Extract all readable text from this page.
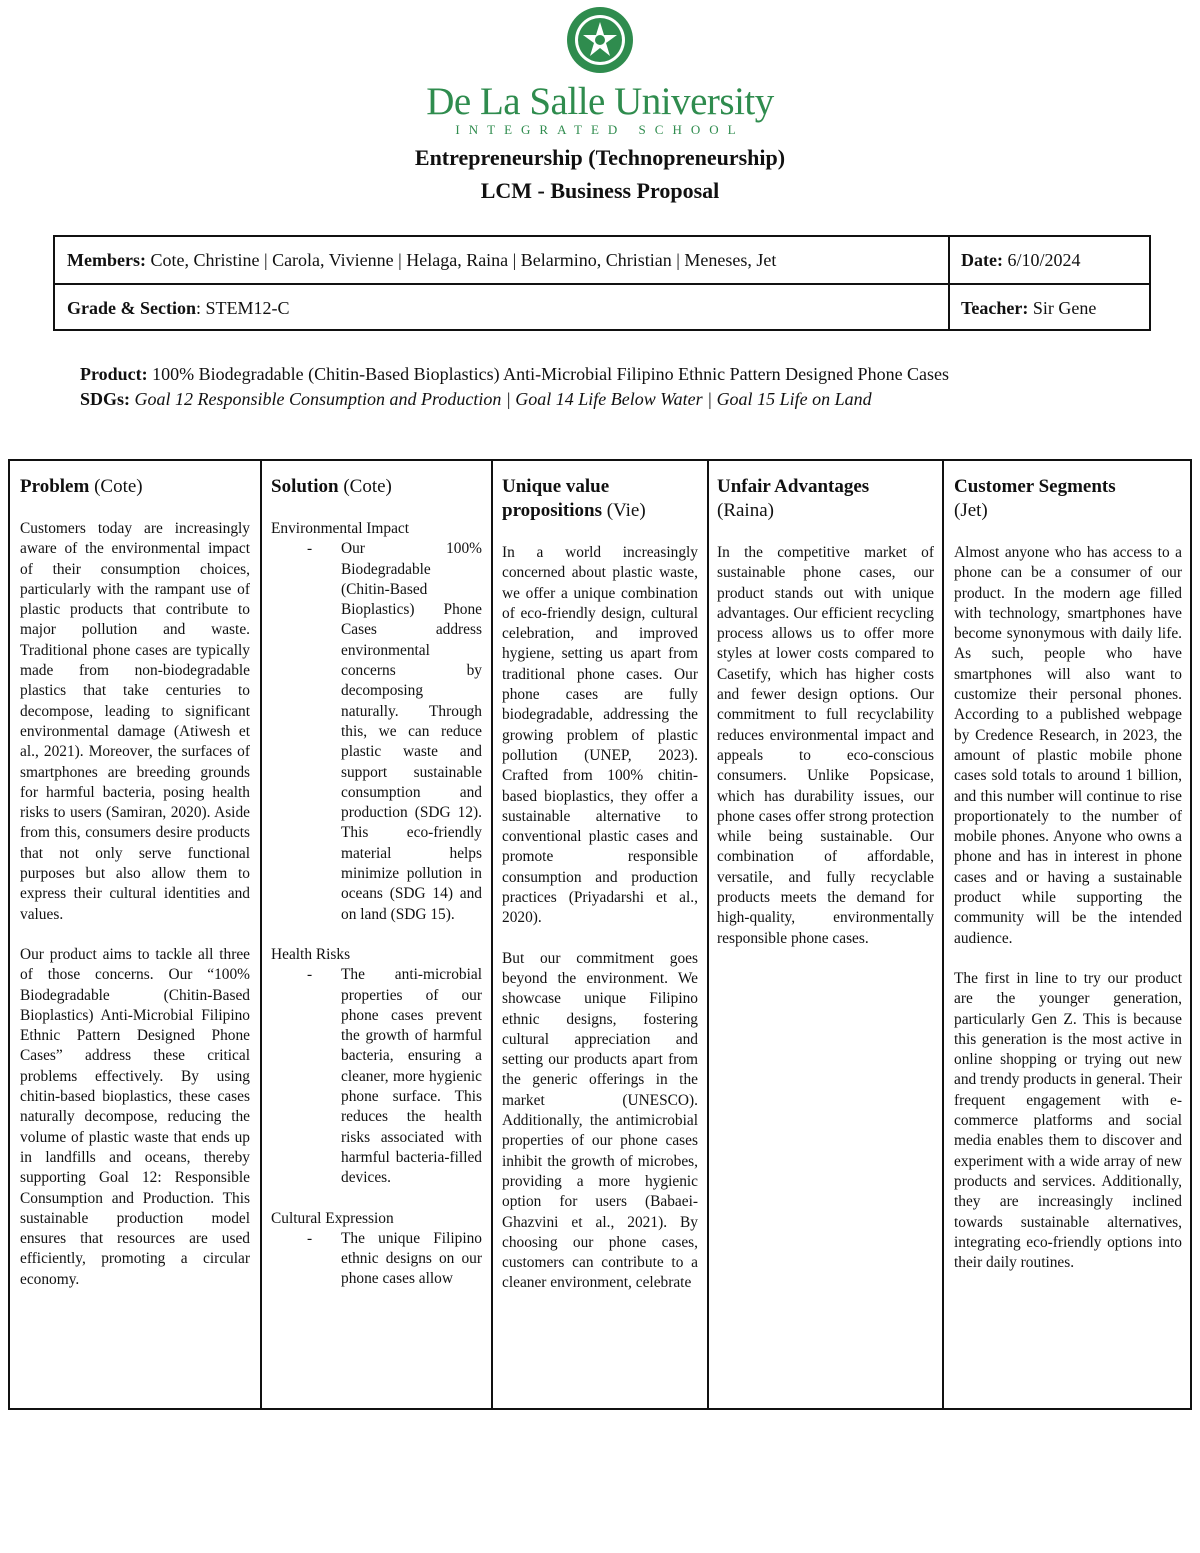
De La Salle University
INTEGRATED SCHOOL
Entrepreneurship (Technopreneurship)
LCM - Business Proposal
Members: Cote, Christine | Carola, Vivienne | Helaga, Raina | Belarmino, Christian | Meneses, Jet	Date: 6/10/2024
Grade & Section: STEM12-C	Teacher: Sir Gene
Product: 100% Biodegradable (Chitin-Based Bioplastics) Anti-Microbial Filipino Ethnic Pattern Designed Phone Cases
SDGs: Goal 12 Responsible Consumption and Production | Goal 14 Life Below Water | Goal 15 Life on Land
Problem (Cote)

Customers today are increasingly aware of the environmental impact of their consumption choices, particularly with the rampant use of plastic products that contribute to major pollution and waste. Traditional phone cases are typically made from non-biodegradable plastics that take centuries to decompose, leading to significant environmental damage (Atiwesh et al., 2021). Moreover, the surfaces of smartphones are breeding grounds for harmful bacteria, posing health risks to users (Samiran, 2020). Aside from this, consumers desire products that not only serve functional purposes but also allow them to express their cultural identities and values.

Our product aims to tackle all three of those concerns. Our “100% Biodegradable (Chitin-Based Bioplastics) Anti-Microbial Filipino Ethnic Pattern Designed Phone Cases” address these critical problems effectively. By using chitin-based bioplastics, these cases naturally decompose, reducing the volume of plastic waste that ends up in landfills and oceans, thereby supporting Goal 12: Responsible Consumption and Production. This sustainable production model ensures that resources are used efficiently, promoting a circular economy.

Solution (Cote)

Environmental Impact

- Our 100% Biodegradable (Chitin-Based Bioplastics) Phone Cases address environmental concerns by decomposing naturally. Through this, we can reduce plastic waste and support sustainable consumption and production (SDG 12). This eco-friendly material helps minimize pollution in oceans (SDG 14) and on land (SDG 15).

Health Risks

- The anti-microbial properties of our phone cases prevent the growth of harmful bacteria, ensuring a cleaner, more hygienic phone surface. This reduces the health risks associated with harmful bacteria-filled devices.

Cultural Expression

- The unique Filipino ethnic designs on our phone cases allow

Unique value propositions (Vie)

In a world increasingly concerned about plastic waste, we offer a unique combination of eco-friendly design, cultural celebration, and improved hygiene, setting us apart from traditional phone cases. Our phone cases are fully biodegradable, addressing the growing problem of plastic pollution (UNEP, 2023). Crafted from 100% chitin-based bioplastics, they offer a sustainable alternative to conventional plastic cases and promote responsible consumption and production practices (Priyadarshi et al., 2020).

But our commitment goes beyond the environment. We showcase unique Filipino ethnic designs, fostering cultural appreciation and setting our products apart from the generic offerings in the market (UNESCO). Additionally, the antimicrobial properties of our phone cases inhibit the growth of microbes, providing a more hygienic option for users (Babaei-Ghazvini et al., 2021). By choosing our phone cases, customers can contribute to a cleaner environment, celebrate

Unfair Advantages
(Raina)

In the competitive market of sustainable phone cases, our product stands out with unique advantages. Our efficient recycling process allows us to offer more styles at lower costs compared to Casetify, which has higher costs and fewer design options. Our commitment to full recyclability reduces environmental impact and appeals to eco-conscious consumers. Unlike Popsicase, which has durability issues, our phone cases offer strong protection while being sustainable. Our combination of affordable, versatile, and fully recyclable products meets the demand for high-quality, environmentally responsible phone cases.

Customer Segments
(Jet)

Almost anyone who has access to a phone can be a consumer of our product. In the modern age filled with technology, smartphones have become synonymous with daily life. As such, people who have smartphones will also want to customize their personal phones. According to a published webpage by Credence Research, in 2023, the amount of plastic mobile phone cases sold totals to around 1 billion, and this number will continue to rise proportionately to the number of mobile phones. Anyone who owns a phone and has in interest in phone cases and or having a sustainable product while supporting the community will be the intended audience.

The first in line to try our product are the younger generation, particularly Gen Z. This is because this generation is the most active in online shopping or trying out new and trendy products in general. Their frequent engagement with e-commerce platforms and social media enables them to discover and experiment with a wide array of new products and services. Additionally, they are increasingly inclined towards sustainable alternatives, integrating eco-friendly options into their daily routines.
